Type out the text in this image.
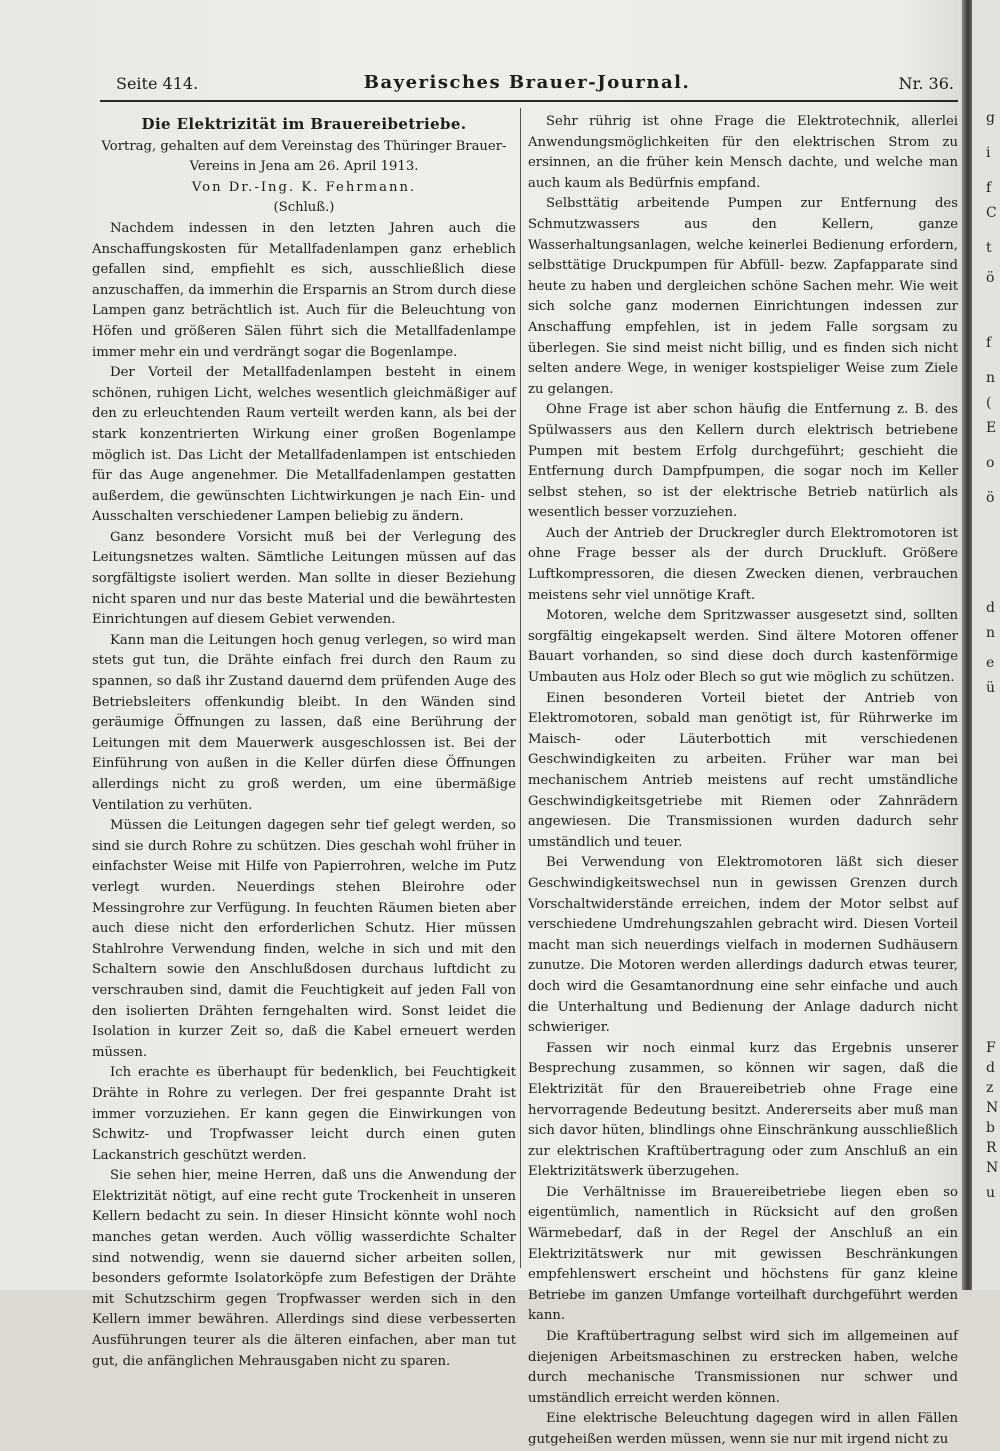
Seite 414.	Bayerisches Brauer-Journal.	Nr. 36.
Die Elektrizität im Brauereibetriebe.

Vortrag, gehalten auf dem Vereinstag des Thüringer Brauer-

Vereins in Jena am 26. April 1913.

Von Dr.-Ing. K. Fehrmann.

(Schluß.)

Nachdem indessen in den letzten Jahren auch die Anschaffungskosten für Metallfadenlampen ganz erheblich gefallen sind, empfiehlt es sich, ausschließlich diese anzuschaffen, da immerhin die Ersparnis an Strom durch diese Lampen ganz beträchtlich ist. Auch für die Beleuchtung von Höfen und größeren Sälen führt sich die Metallfadenlampe immer mehr ein und verdrängt sogar die Bogenlampe.

Der Vorteil der Metallfadenlampen besteht in einem schönen, ruhigen Licht, welches wesentlich gleichmäßiger auf den zu erleuchtenden Raum verteilt werden kann, als bei der stark konzentrierten Wirkung einer großen Bogenlampe möglich ist. Das Licht der Metallfadenlampen ist entschieden für das Auge angenehmer. Die Metallfadenlampen gestatten außerdem, die gewünschten Lichtwirkungen je nach Ein- und Ausschalten verschiedener Lampen beliebig zu ändern.

Ganz besondere Vorsicht muß bei der Verlegung des Leitungsnetzes walten. Sämtliche Leitungen müssen auf das sorgfältigste isoliert werden. Man sollte in dieser Beziehung nicht sparen und nur das beste Material und die bewährtesten Einrichtungen auf diesem Gebiet verwenden.

Kann man die Leitungen hoch genug verlegen, so wird man stets gut tun, die Drähte einfach frei durch den Raum zu spannen, so daß ihr Zustand dauernd dem prüfenden Auge des Betriebsleiters offenkundig bleibt. In den Wänden sind geräumige Öffnungen zu lassen, daß eine Berührung der Leitungen mit dem Mauerwerk ausgeschlossen ist. Bei der Einführung von außen in die Keller dürfen diese Öffnungen allerdings nicht zu groß werden, um eine übermäßige Ventilation zu verhüten.

Müssen die Leitungen dagegen sehr tief gelegt werden, so sind sie durch Rohre zu schützen. Dies geschah wohl früher in einfachster Weise mit Hilfe von Papierrohren, welche im Putz verlegt wurden. Neuerdings stehen Bleirohre oder Messingrohre zur Verfügung. In feuchten Räumen bieten aber auch diese nicht den erforderlichen Schutz. Hier müssen Stahlrohre Verwendung finden, welche in sich und mit den Schaltern sowie den Anschlußdosen durchaus luftdicht zu verschrauben sind, damit die Feuchtigkeit auf jeden Fall von den isolierten Drähten ferngehalten wird. Sonst leidet die Isolation in kurzer Zeit so, daß die Kabel erneuert werden müssen.

Ich erachte es überhaupt für bedenklich, bei Feuchtigkeit Drähte in Rohre zu verlegen. Der frei gespannte Draht ist immer vorzuziehen. Er kann gegen die Einwirkungen von Schwitz- und Tropfwasser leicht durch einen guten Lackanstrich geschützt werden.

Sie sehen hier, meine Herren, daß uns die Anwendung der Elektrizität nötigt, auf eine recht gute Trockenheit in unseren Kellern bedacht zu sein. In dieser Hinsicht könnte wohl noch manches getan werden. Auch völlig wasserdichte Schalter sind notwendig, wenn sie dauernd sicher arbeiten sollen, besonders geformte Isolatorköpfe zum Befestigen der Drähte mit Schutzschirm gegen Tropfwasser werden sich in den Kellern immer bewähren. Allerdings sind diese verbesserten Ausführungen teurer als die älteren einfachen, aber man tut gut, die anfänglichen Mehrausgaben nicht zu sparen.

Sehr rührig ist ohne Frage die Elektrotechnik, allerlei Anwendungsmöglichkeiten für den elektrischen Strom zu ersinnen, an die früher kein Mensch dachte, und welche man auch kaum als Bedürfnis empfand.

Selbsttätig arbeitende Pumpen zur Entfernung des Schmutzwassers aus den Kellern, ganze Wasserhaltungsanlagen, welche keinerlei Bedienung erfordern, selbsttätige Druckpumpen für Abfüll- bezw. Zapfapparate sind heute zu haben und dergleichen schöne Sachen mehr. Wie weit sich solche ganz modernen Einrichtungen indessen zur Anschaffung empfehlen, ist in jedem Falle sorgsam zu überlegen. Sie sind meist nicht billig, und es finden sich nicht selten andere Wege, in weniger kostspieliger Weise zum Ziele zu gelangen.

Ohne Frage ist aber schon häufig die Entfernung z. B. des Spülwassers aus den Kellern durch elektrisch betriebene Pumpen mit bestem Erfolg durchgeführt; geschieht die Entfernung durch Dampfpumpen, die sogar noch im Keller selbst stehen, so ist der elektrische Betrieb natürlich als wesentlich besser vorzuziehen.

Auch der Antrieb der Druckregler durch Elektromotoren ist ohne Frage besser als der durch Druckluft. Größere Luftkompressoren, die diesen Zwecken dienen, verbrauchen meistens sehr viel unnötige Kraft.

Motoren, welche dem Spritzwasser ausgesetzt sind, sollten sorgfältig eingekapselt werden. Sind ältere Motoren offener Bauart vorhanden, so sind diese doch durch kastenförmige Umbauten aus Holz oder Blech so gut wie möglich zu schützen.

Einen besonderen Vorteil bietet der Antrieb von Elektromotoren, sobald man genötigt ist, für Rührwerke im Maisch- oder Läuterbottich mit verschiedenen Geschwindigkeiten zu arbeiten. Früher war man bei mechanischem Antrieb meistens auf recht umständliche Geschwindigkeitsgetriebe mit Riemen oder Zahnrädern angewiesen. Die Transmissionen wurden dadurch sehr umständlich und teuer.

Bei Verwendung von Elektromotoren läßt sich dieser Geschwindigkeitswechsel nun in gewissen Grenzen durch Vorschaltwiderstände erreichen, indem der Motor selbst auf verschiedene Umdrehungszahlen gebracht wird. Diesen Vorteil macht man sich neuerdings vielfach in modernen Sudhäusern zunutze. Die Motoren werden allerdings dadurch etwas teurer, doch wird die Gesamtanordnung eine sehr einfache und auch die Unterhaltung und Bedienung der Anlage dadurch nicht schwieriger.

Fassen wir noch einmal kurz das Ergebnis unserer Besprechung zusammen, so können wir sagen, daß die Elektrizität für den Brauereibetrieb ohne Frage eine hervorragende Bedeutung besitzt. Andererseits aber muß man sich davor hüten, blindlings ohne Einschränkung ausschließlich zur elektrischen Kraftübertragung oder zum Anschluß an ein Elektrizitätswerk überzugehen.

Die Verhältnisse im Brauereibetriebe liegen eben so eigentümlich, namentlich in Rücksicht auf den großen Wärmebedarf, daß in der Regel der Anschluß an ein Elektrizitätswerk nur mit gewissen Beschränkungen empfehlenswert erscheint und höchstens für ganz kleine Betriebe im ganzen Umfange vorteilhaft durchgeführt werden kann.

Die Kraftübertragung selbst wird sich im allgemeinen auf diejenigen Arbeitsmaschinen zu erstrecken haben, welche durch mechanische Transmissionen nur schwer und umständlich erreicht werden können.

Eine elektrische Beleuchtung dagegen wird in allen Fällen gutgeheißen werden müssen, wenn sie nur mit irgend nicht zu

g
i
f
C
t
ö
f
n
(
E
o
ö
d
n
e
ü
F
d
z
N
b
R
N
u
